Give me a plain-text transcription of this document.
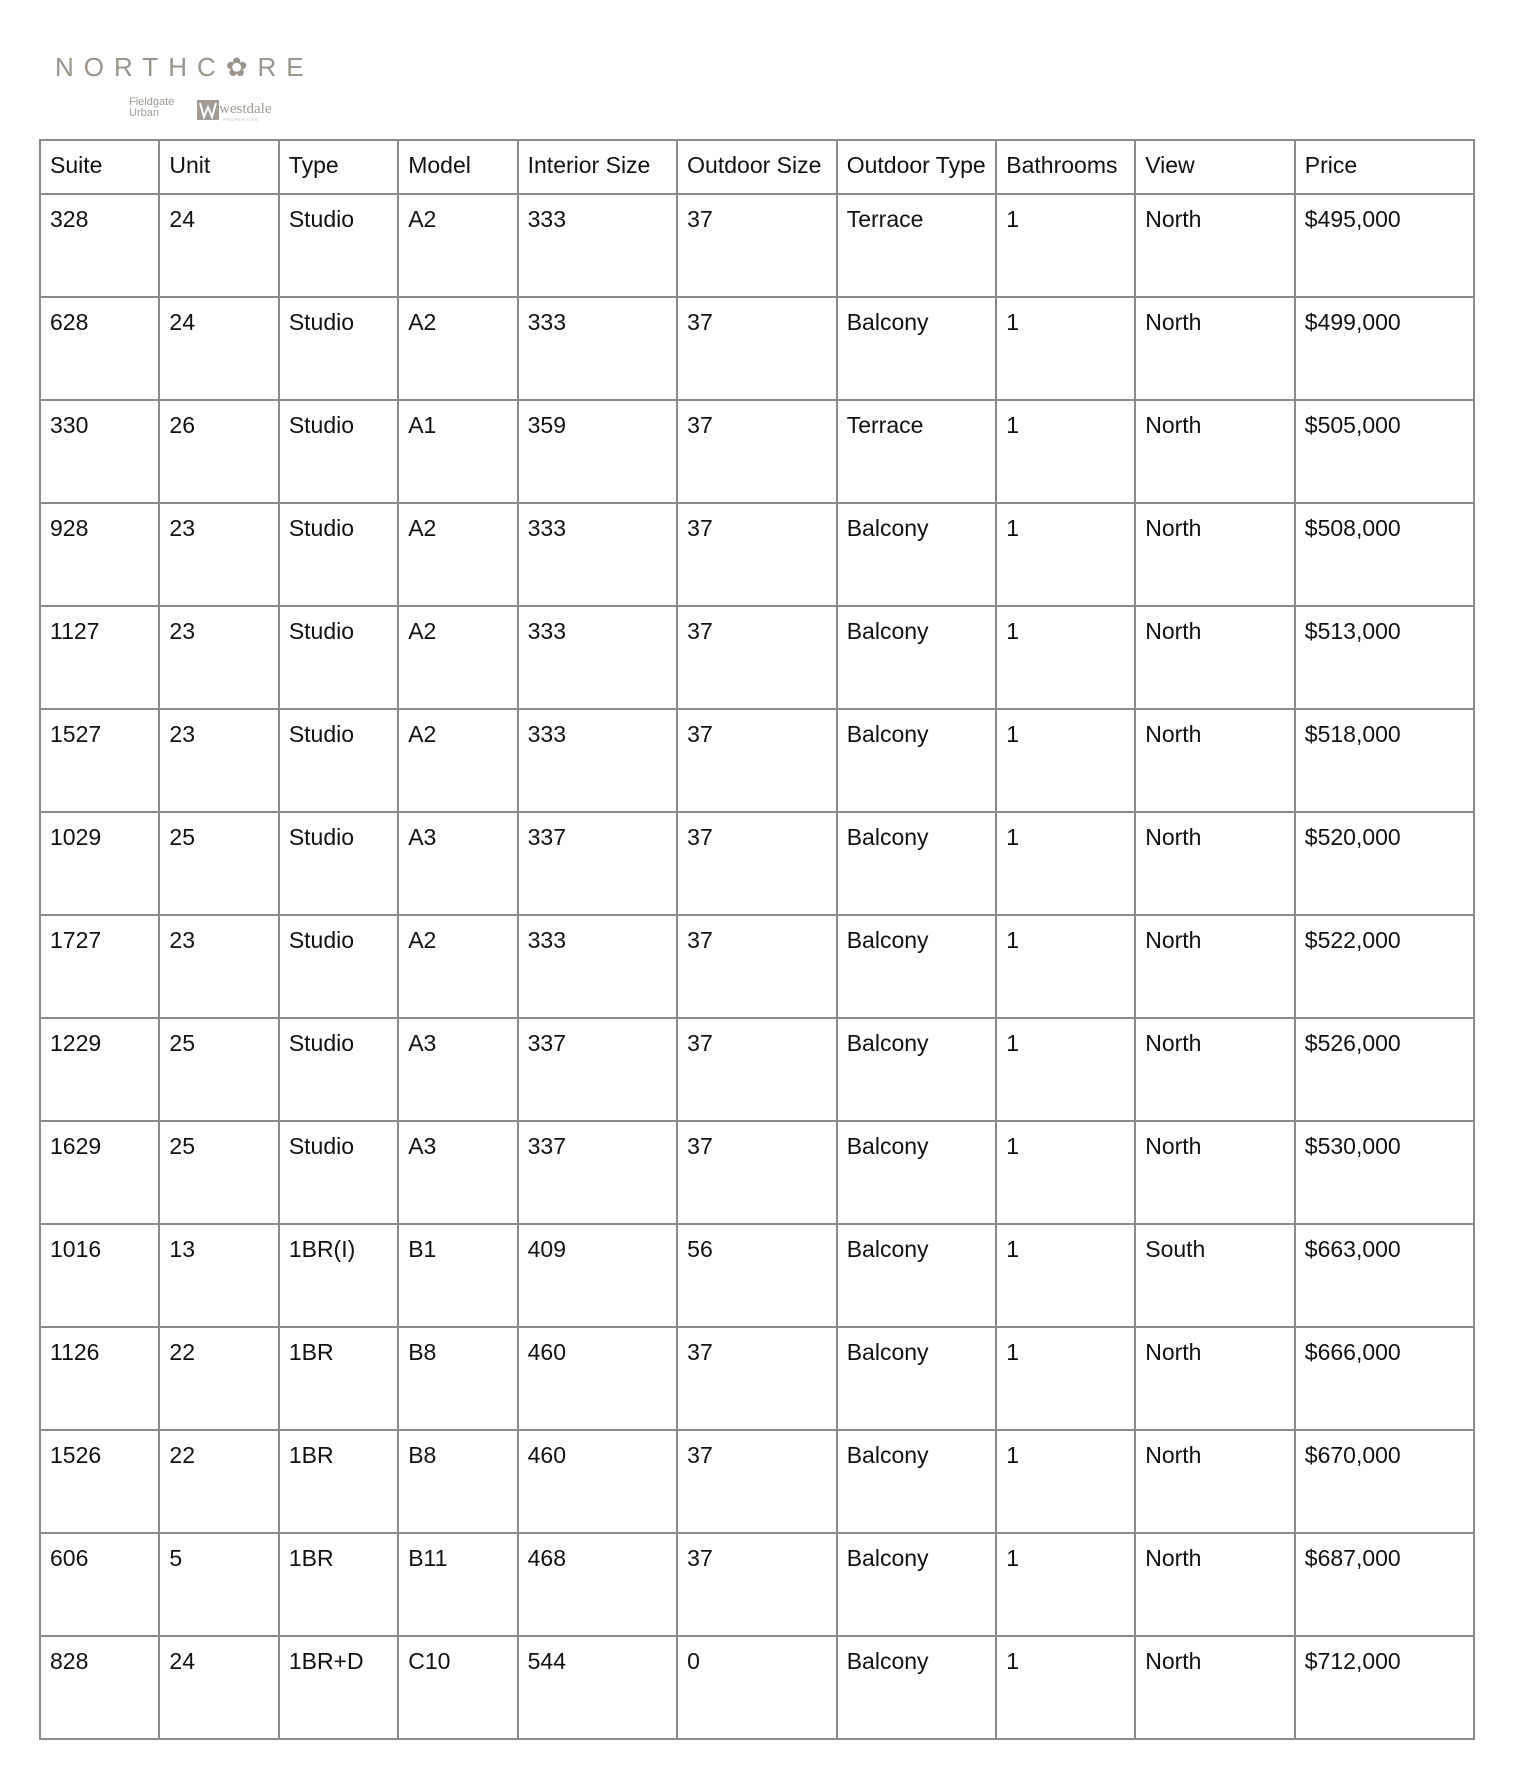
NORTHC✿RE
Fieldgate
Urban	westdale
PROPERTIES
Suite	Unit	Type	Model	Interior Size	Outdoor Size	Outdoor Type	Bathrooms	View	Price
328	24	Studio	A2	333	37	Terrace	1	North	$495,000
628	24	Studio	A2	333	37	Balcony	1	North	$499,000
330	26	Studio	A1	359	37	Terrace	1	North	$505,000
928	23	Studio	A2	333	37	Balcony	1	North	$508,000
1127	23	Studio	A2	333	37	Balcony	1	North	$513,000
1527	23	Studio	A2	333	37	Balcony	1	North	$518,000
1029	25	Studio	A3	337	37	Balcony	1	North	$520,000
1727	23	Studio	A2	333	37	Balcony	1	North	$522,000
1229	25	Studio	A3	337	37	Balcony	1	North	$526,000
1629	25	Studio	A3	337	37	Balcony	1	North	$530,000
1016	13	1BR(I)	B1	409	56	Balcony	1	South	$663,000
1126	22	1BR	B8	460	37	Balcony	1	North	$666,000
1526	22	1BR	B8	460	37	Balcony	1	North	$670,000
606	5	1BR	B11	468	37	Balcony	1	North	$687,000
828	24	1BR+D	C10	544	0	Balcony	1	North	$712,000
